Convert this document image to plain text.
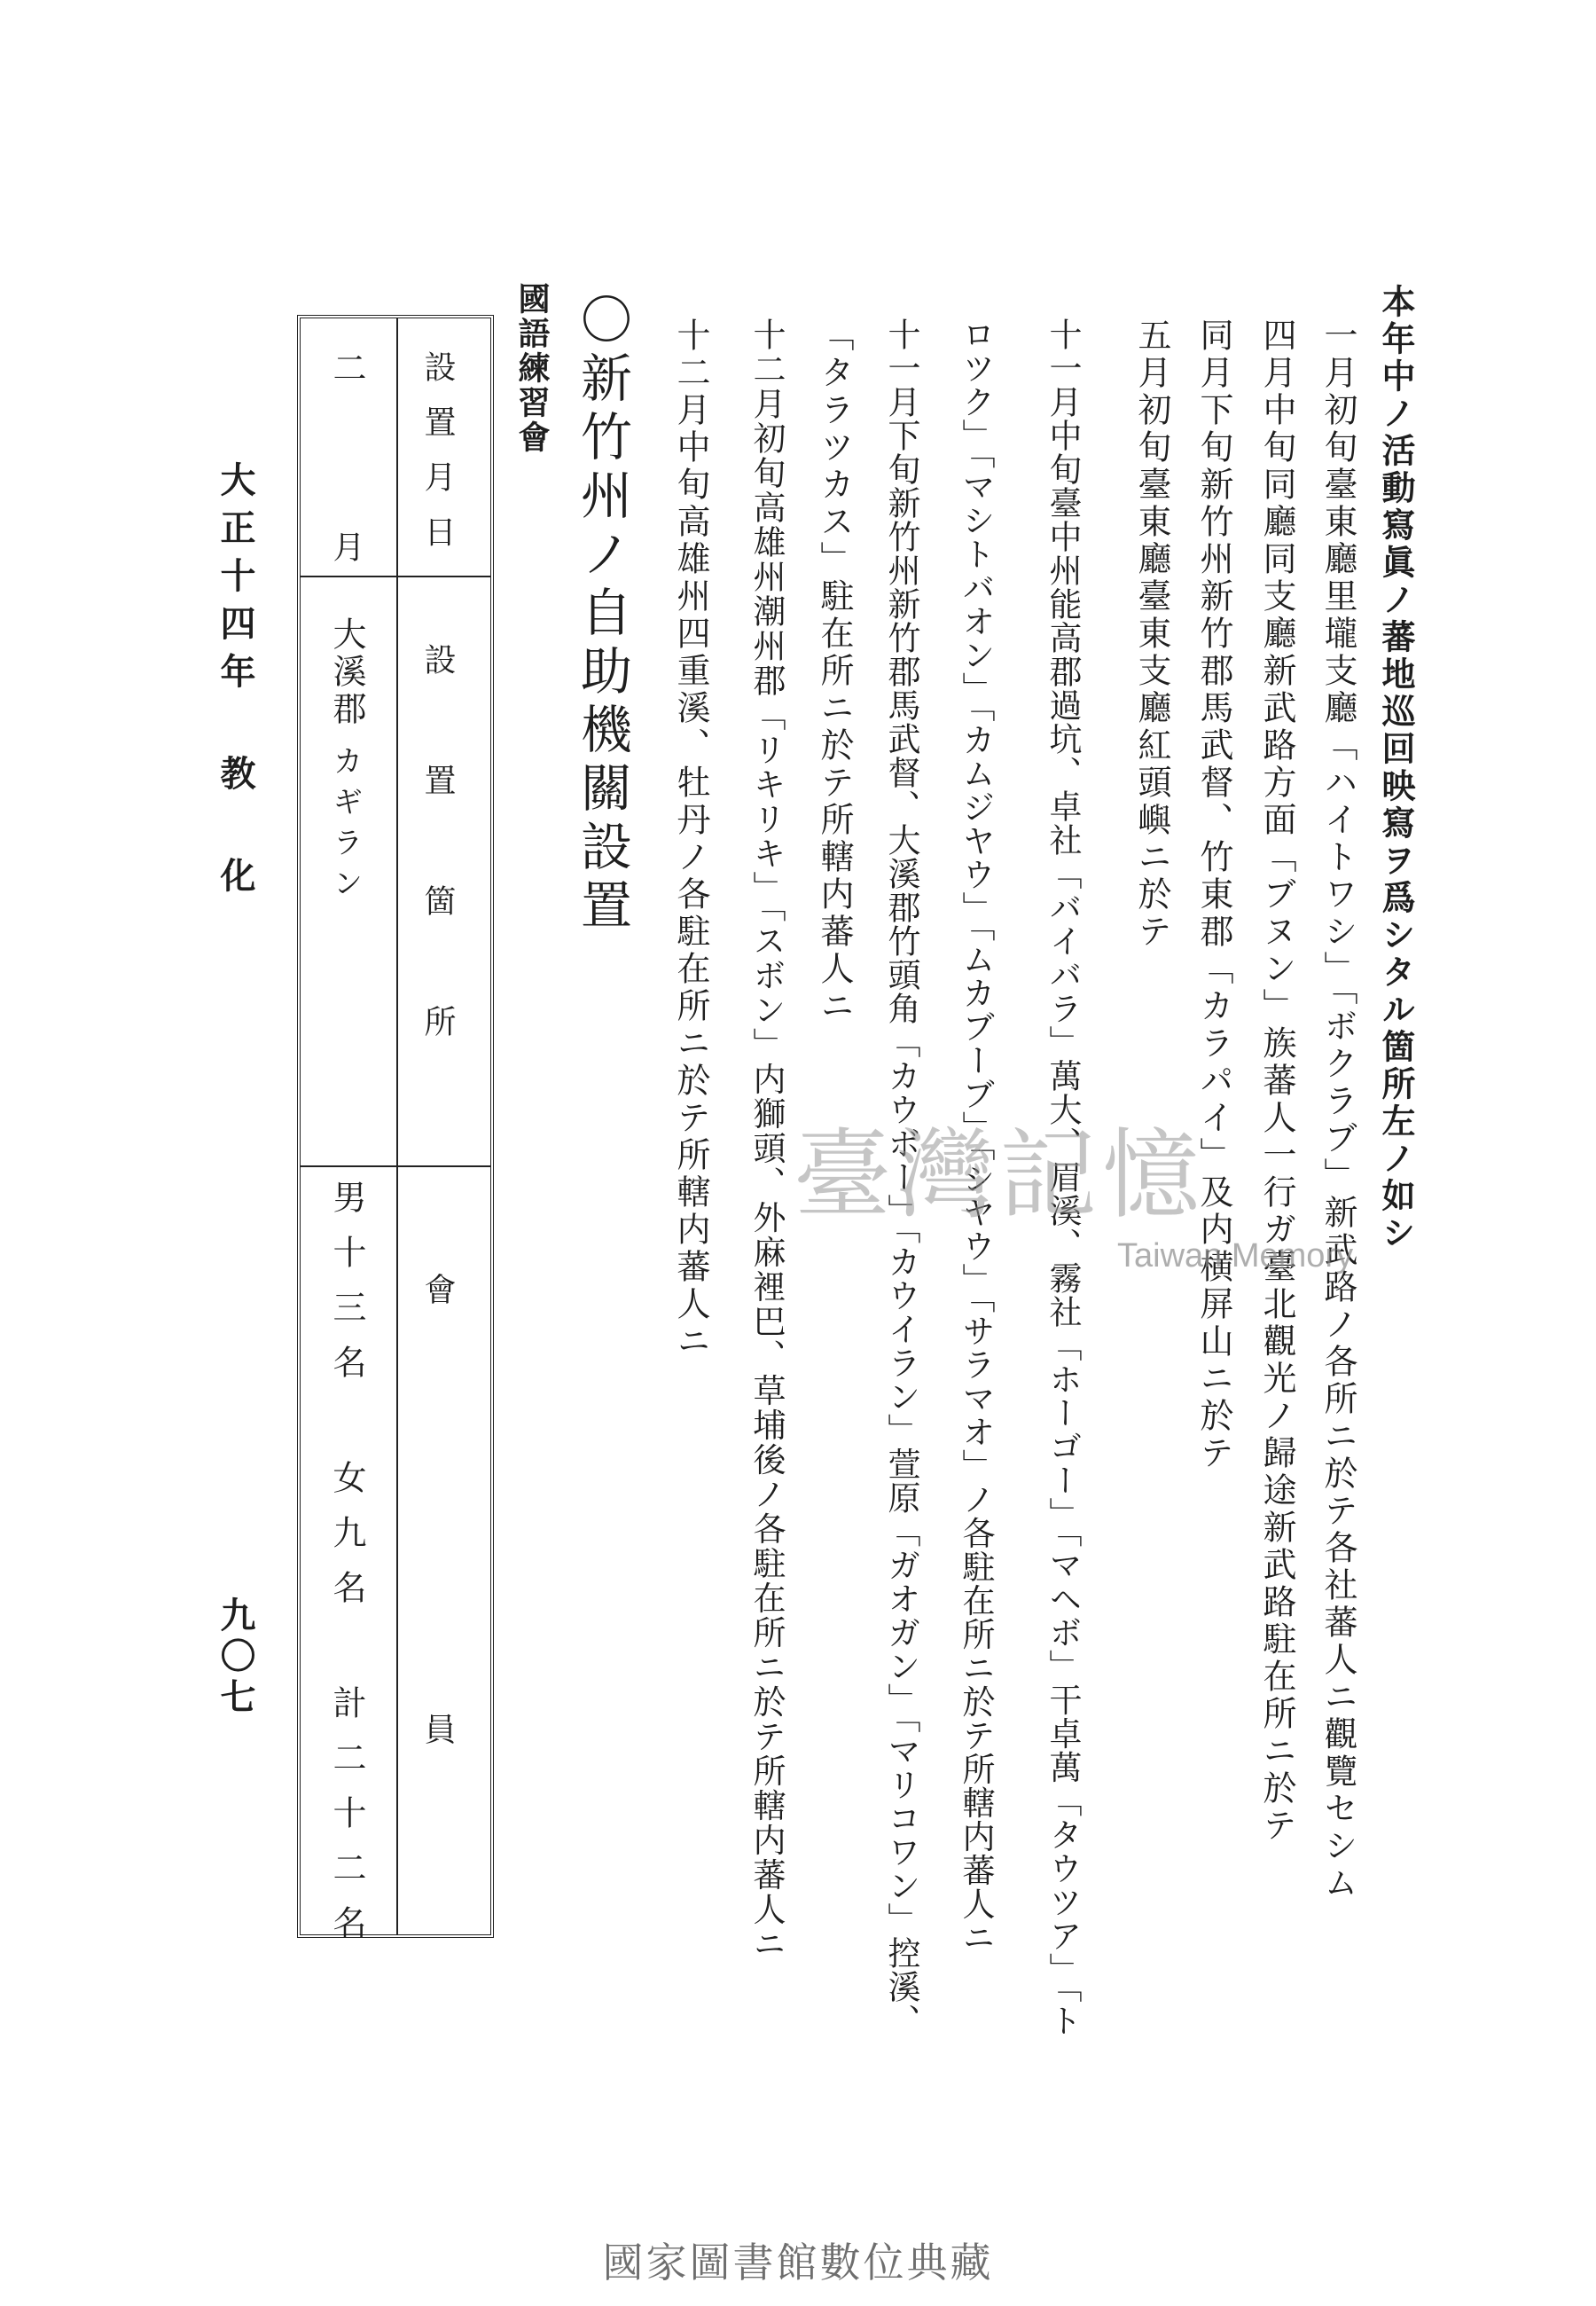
大正十四年 教 化
九〇七
本年中ノ活動寫眞ノ蕃地巡回映寫ヲ爲シタル箇所左ノ如シ
一月初旬臺東廳里壠支廳「ハイトワシ」「ボクラブ」新武路ノ各所ニ於テ各社蕃人ニ觀覽セシム
四月中旬同廳同支廳新武路方面「ブヌン」族蕃人一行ガ臺北觀光ノ歸途新武路駐在所ニ於テ
同月下旬新竹州新竹郡馬武督、竹東郡「カラパイ」及内横屏山ニ於テ
五月初旬臺東廳臺東支廳紅頭嶼ニ於テ
十一月中旬臺中州能高郡過坑、卓社「バイバラ」萬大、眉溪、霧社「ホーゴー」「マヘボ」干卓萬「タウツア」「ト
ロツク」「マシトバオン」「カムジヤウ」「ムカブーブ」「シヤウ」「サラマオ」ノ各駐在所ニ於テ所轄内蕃人ニ
十一月下旬新竹州新竹郡馬武督、大溪郡竹頭角「カウボー」「カウイラン」萱原「ガオガン」「マリコワン」控溪、
「タラツカス」駐在所ニ於テ所轄内蕃人ニ
十二月初旬高雄州潮州郡「リキリキ」「スボン」内獅頭、外麻裡巴、草埔後ノ各駐在所ニ於テ所轄内蕃人ニ
十二月中旬高雄州四重溪、牡丹ノ各駐在所ニ於テ所轄内蕃人ニ
〇新竹州ノ自助機關設置
國語練習會
設置月日
設置箇所
會員
二
月
大溪郡
カギラン
男十三名 女九名 計二十二名
臺灣記憶
Taiwan Memory
國家圖書館數位典藏
